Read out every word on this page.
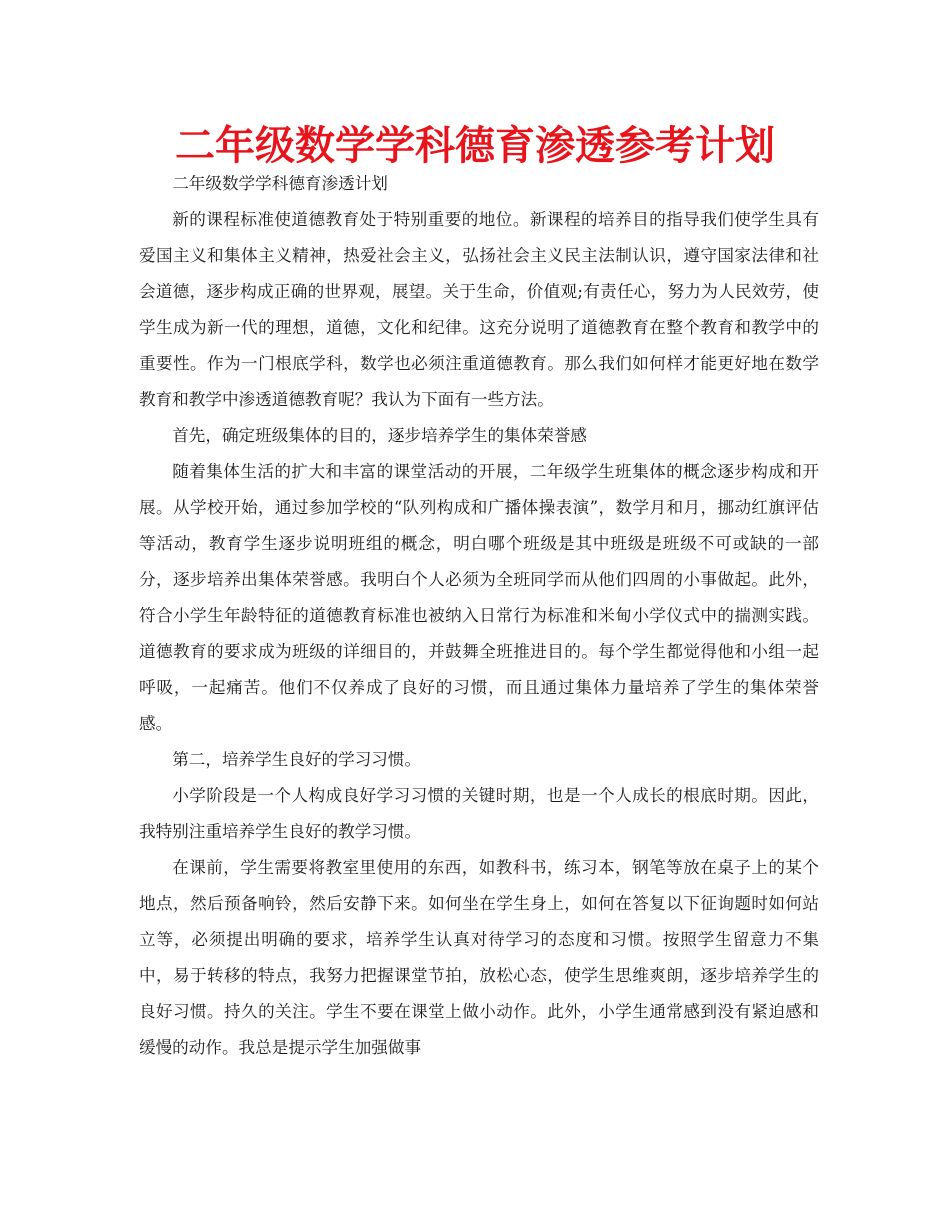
二年级数学学科德育渗透参考计划

二年级数学学科德育渗透计划

新的课程标准使道德教育处于特别重要的地位。新课程的培养目的指导我们使学生具有爱国主义和集体主义精神，热爱社会主义，弘扬社会主义民主法制认识，遵守国家法律和社会道德，逐步构成正确的世界观，展望。关于生命，价值观;有责任心，努力为人民效劳，使学生成为新一代的理想，道德，文化和纪律。这充分说明了道德教育在整个教育和教学中的重要性。作为一门根底学科，数学也必须注重道德教育。那么我们如何样才能更好地在数学教育和教学中渗透道德教育呢？我认为下面有一些方法。

首先，确定班级集体的目的，逐步培养学生的集体荣誉感

随着集体生活的扩大和丰富的课堂活动的开展，二年级学生班集体的概念逐步构成和开展。从学校开始，通过参加学校的“队列构成和广播体操表演”，数学月和月，挪动红旗评估等活动，教育学生逐步说明班组的概念，明白哪个班级是其中班级是班级不可或缺的一部分，逐步培养出集体荣誉感。我明白个人必须为全班同学而从他们四周的小事做起。此外，符合小学生年龄特征的道德教育标准也被纳入日常行为标准和米甸小学仪式中的揣测实践。道德教育的要求成为班级的详细目的，并鼓舞全班推进目的。每个学生都觉得他和小组一起呼吸，一起痛苦。他们不仅养成了良好的习惯，而且通过集体力量培养了学生的集体荣誉感。

第二，培养学生良好的学习习惯。

小学阶段是一个人构成良好学习习惯的关键时期，也是一个人成长的根底时期。因此，我特别注重培养学生良好的教学习惯。

在课前，学生需要将教室里使用的东西，如教科书，练习本，钢笔等放在桌子上的某个地点，然后预备响铃，然后安静下来。如何坐在学生身上，如何在答复以下征询题时如何站立等，必须提出明确的要求，培养学生认真对待学习的态度和习惯。按照学生留意力不集中，易于转移的特点，我努力把握课堂节拍，放松心态，使学生思维爽朗，逐步培养学生的良好习惯。持久的关注。学生不要在课堂上做小动作。此外，小学生通常感到没有紧迫感和缓慢的动作。我总是提示学生加强做事
